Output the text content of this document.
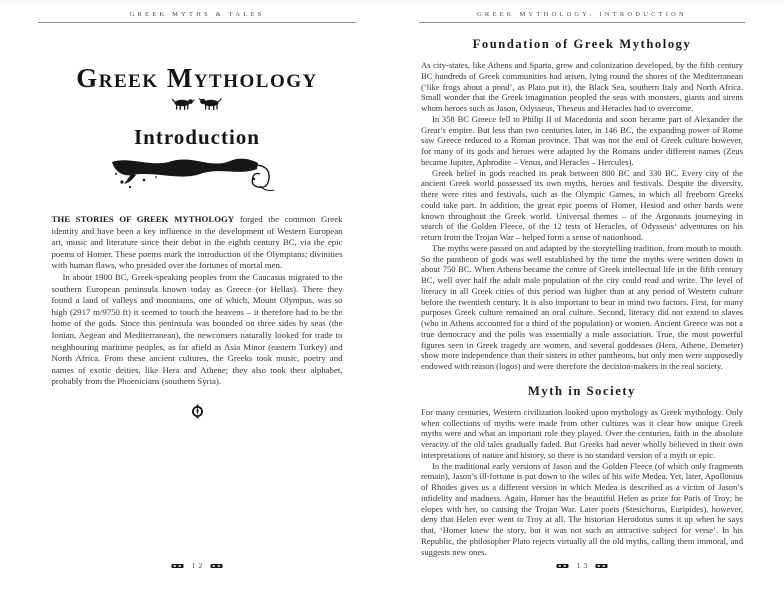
GREEK MYTHS & TALES
Greek Mythology
Introduction

THE STORIES OF GREEK MYTHOLOGY forged the common Greek identity and have been a key influence in the development of Western European art, music and literature since their debut in the eighth century BC, via the epic poems of Homer. These poems mark the introduction of the Olympians; divinities with human flaws, who presided over the fortunes of mortal men.

In about 1900 BC, Greek-speaking peoples from the Caucasus migrated to the southern European peninsula known today as Greece (or Hellas). There they found a land of valleys and mountains, one of which, Mount Olympus, was so high (2917 m/9750 ft) it seemed to touch the heavens – it therefore had to be the home of the gods. Since this peninsula was bounded on three sides by seas (the Ionian, Aegean and Mediterranean), the newcomers naturally looked for trade to neighbouring maritime peoples, as far afield as Asia Minor (eastern Turkey) and North Africa. From these ancient cultures, the Greeks took music, poetry and names of exotic deities, like Hera and Athene; they also took their alphabet, probably from the Phoenicians (southern Syria).

12
GREEK MYTHOLOGY: INTRODUCTION
Foundation of Greek Mythology

As city-states, like Athens and Sparta, grew and colonization developed, by the fifth century BC hundreds of Greek communities had arisen, lying round the shores of the Mediterranean (‘like frogs about a pond’, as Plato put it), the Black Sea, southern Italy and North Africa. Small wonder that the Greek imagination peopled the seas with monsters, giants and sirens whom heroes such as Jason, Odysseus, Theseus and Heracles had to overcome.

In 358 BC Greece fell to Philip II of Macedonia and soon became part of Alexander the Great’s empire. But less than two centuries later, in 146 BC, the expanding power of Rome saw Greece reduced to a Roman province. That was not the end of Greek culture however, for many of its gods and heroes were adapted by the Romans under different names (Zeus became Jupiter, Aphrodite – Venus, and Heracles – Hercules).

Greek belief in gods reached its peak between 800 BC and 330 BC. Every city of the ancient Greek world possessed its own myths, heroes and festivals. Despite the diversity, there were rites and festivals, such as the Olympic Games, in which all freeborn Greeks could take part. In addition, the great epic poems of Homer, Hesiod and other bards were known throughout the Greek world. Universal themes – of the Argonauts journeying in search of the Golden Fleece, of the 12 tests of Heracles, of Odysseus’ adventures on his return from the Trojan War – helped form a sense of nationhood.

The myths were passed on and adapted by the storytelling tradition, from mouth to mouth. So the pantheon of gods was well established by the time the myths were written down in about 750 BC. When Athens became the centre of Greek intellectual life in the fifth century BC, well over half the adult male population of the city could read and write. The level of literacy in all Greek cities of this period was higher than at any period of Western culture before the twentieth century. It is also important to bear in mind two factors. First, for many purposes Greek culture remained an oral culture. Second, literacy did not extend to slaves (who in Athens accounted for a third of the population) or women. Ancient Greece was not a true democracy and the polis was essentially a male association. True, the most powerful figures seen in Greek tragedy are women, and several goddesses (Hera, Athene, Demeter) show more independence than their sisters in other pantheons, but only men were supposedly endowed with reason (logos) and were therefore the decision-makers in the real society.

Myth in Society

For many centuries, Western civilization looked upon mythology as Greek mythology. Only when collections of myths were made from other cultures was it clear how unique Greek myths were and what an important role they played. Over the centuries, faith in the absolute veracity of the old tales gradually faded. But Greeks had never wholly believed in their own interpretations of nature and history, so there is no standard version of a myth or epic.

In the traditional early versions of Jason and the Golden Fleece (of which only fragments remain), Jason’s ill-fortune is put down to the wiles of his wife Medea. Yet, later, Apollonius of Rhodes gives us a different version in which Medea is described as a victim of Jason’s infidelity and madness. Again, Homer has the beautiful Helen as prize for Paris of Troy; he elopes with her, so causing the Trojan War. Later poets (Stesichorus, Euripides), however, deny that Helen ever went to Troy at all. The historian Herodotus sums it up when he says that, ‘Homer knew the story, but it was not such an attractive subject for verse’. In his Republic, the philosopher Plato rejects virtually all the old myths, calling them immoral, and suggests new ones.

13
